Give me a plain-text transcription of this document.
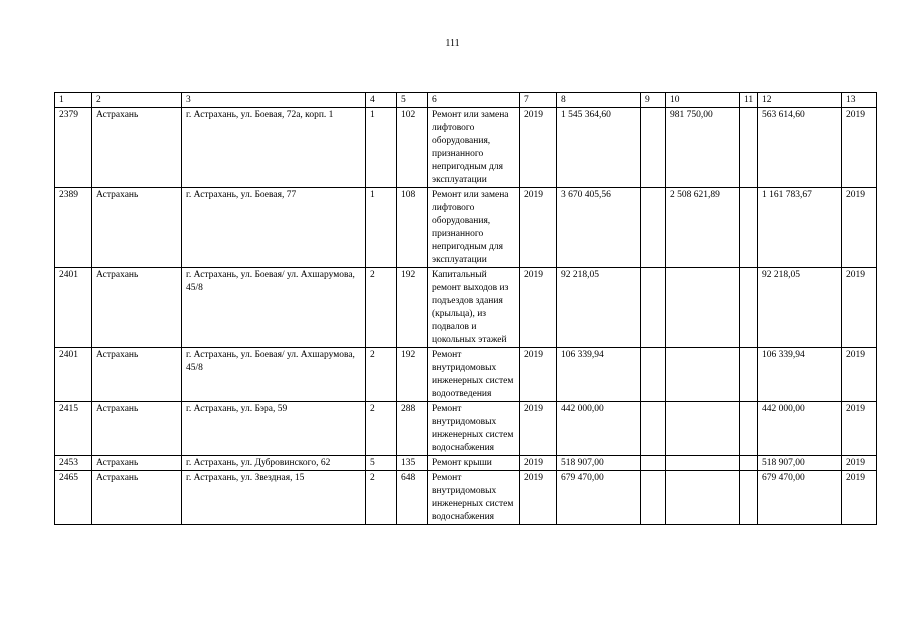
111
1	2	3	4	5	6	7	8	9	10	11	12	13
2379	Астрахань	г. Астрахань, ул. Боевая, 72а, корп. 1	1	102	Ремонт или замена лифтового оборудования, признанного непригодным для эксплуатации	2019	1 545 364,60		981 750,00		563 614,60	2019
2389	Астрахань	г. Астрахань, ул. Боевая, 77	1	108	Ремонт или замена лифтового оборудования, признанного непригодным для эксплуатации	2019	3 670 405,56		2 508 621,89		1 161 783,67	2019
2401	Астрахань	г. Астрахань, ул. Боевая/ ул. Ахшарумова, 45/8	2	192	Капитальный ремонт выходов из подъездов здания (крыльца), из подвалов и цокольных этажей	2019	92 218,05				92 218,05	2019
2401	Астрахань	г. Астрахань, ул. Боевая/ ул. Ахшарумова, 45/8	2	192	Ремонт внутридомовых инженерных систем водоотведения	2019	106 339,94				106 339,94	2019
2415	Астрахань	г. Астрахань, ул. Бэра, 59	2	288	Ремонт внутридомовых инженерных систем водоснабжения	2019	442 000,00				442 000,00	2019
2453	Астрахань	г. Астрахань, ул. Дубровинского, 62	5	135	Ремонт крыши	2019	518 907,00				518 907,00	2019
2465	Астрахань	г. Астрахань, ул. Звездная, 15	2	648	Ремонт внутридомовых инженерных систем водоснабжения	2019	679 470,00				679 470,00	2019
